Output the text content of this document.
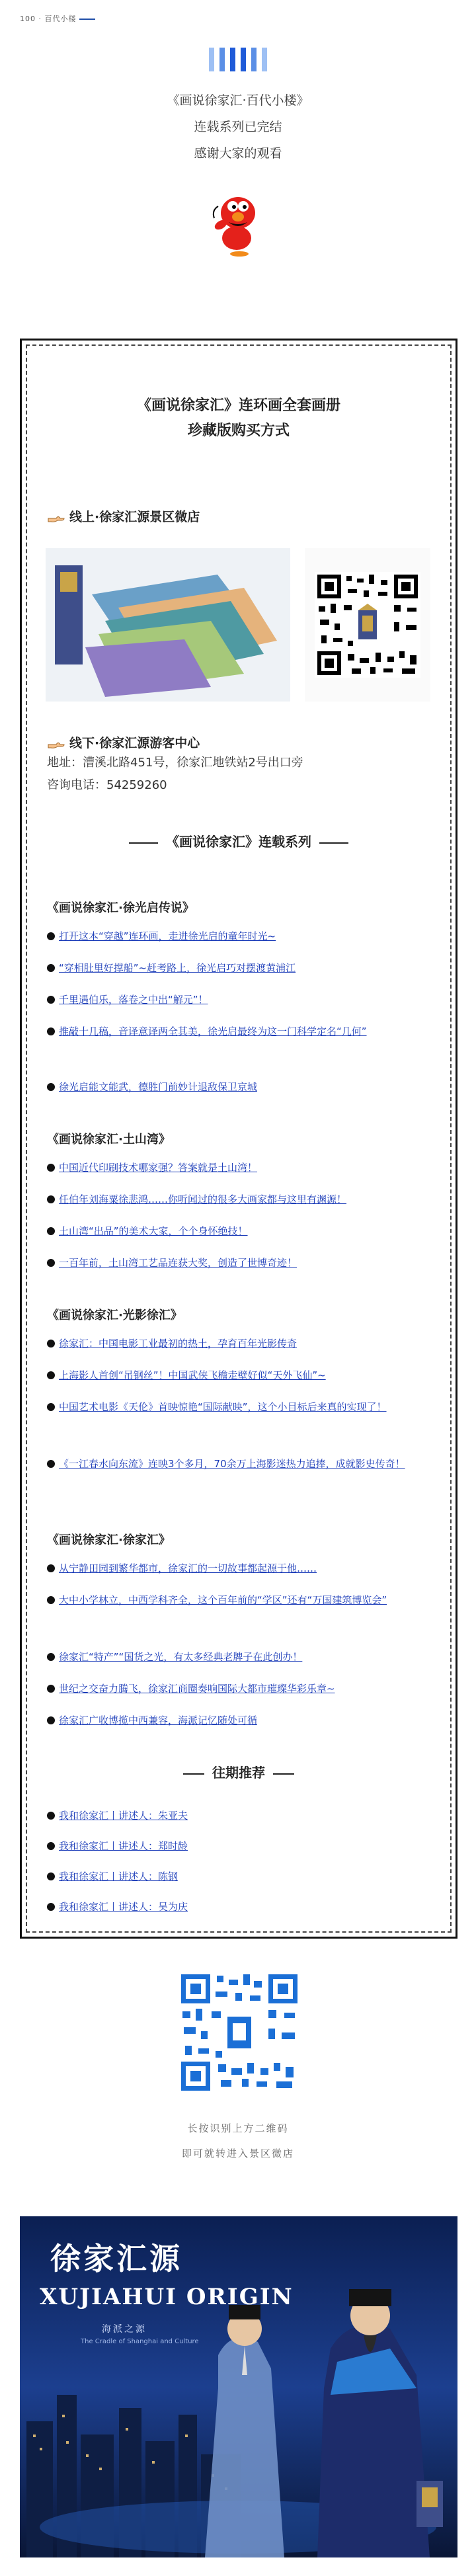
100 · 百代小楼

《画说徐家汇·百代小楼》

连载系列已完结

感谢大家的观看

《画说徐家汇》连环画全套画册
珍藏版购买方式
线上·徐家汇源景区微店
线下·徐家汇源游客中心
地址：漕溪北路451号，徐家汇地铁站2号出口旁
咨询电话：54259260
《画说徐家汇》连载系列
《画说徐家汇·徐光启传说》
打开这本“穿越”连环画，走进徐光启的童年时光~
“穿相肚里好撑船”~赶考路上，徐光启巧对摆渡黄浦江
千里遇伯乐，落卷之中出“解元”！
推敲十几稿，音译意译两全其美，徐光启最终为这一门科学定名“几何”
徐光启能文能武，德胜门前妙计退敌保卫京城
《画说徐家汇·土山湾》
中国近代印刷技术哪家强？答案就是土山湾！
任伯年刘海粟徐悲鸿……你听闻过的很多大画家都与这里有渊源！
土山湾“出品”的美术大家，个个身怀绝技！
一百年前，土山湾工艺品连获大奖，创造了世博奇迹！
《画说徐家汇·光影徐汇》
徐家汇：中国电影工业最初的热土，孕育百年光影传奇
上海影人首创“吊钢丝”！中国武侠飞檐走壁好似“天外飞仙”~
中国艺术电影《天伦》首映惊艳“国际献映”，这个小目标后来真的实现了！
《一江春水向东流》连映3个多月，70余万上海影迷热力追捧，成就影史传奇！
《画说徐家汇·徐家汇》
从宁静田园到繁华都市，徐家汇的一切故事都起源于他……
大中小学林立，中西学科齐全，这个百年前的“学区”还有“万国建筑博览会”
徐家汇“特产”“国货之光，有太多经典老牌子在此创办！
世纪之交奋力腾飞，徐家汇商圈奏响国际大都市璀璨华彩乐章~
徐家汇广收博揽中西兼容，海派记忆随处可循
往期推荐
我和徐家汇丨讲述人：朱亚夫
我和徐家汇丨讲述人：郑时龄
我和徐家汇丨讲述人：陈钢
我和徐家汇丨讲述人：吴为庆
长按识别上方二维码
即可就转进入景区微店
徐家汇源
XUJIAHUI ORIGIN
海派之源
The Cradle of Shanghai and Culture
